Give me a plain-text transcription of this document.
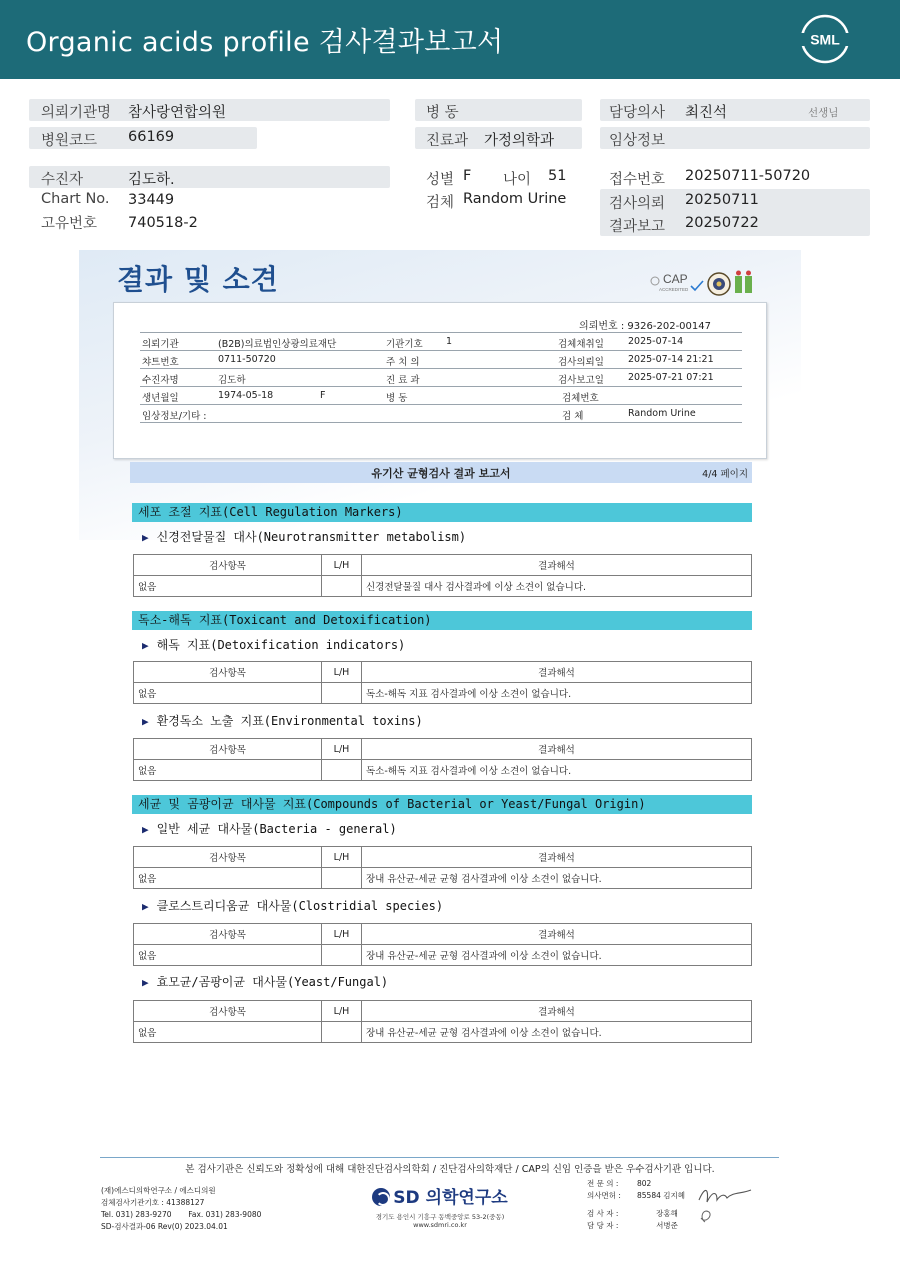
Organic acids profile 검사결과보고서	SML
의뢰기관명 참사랑연합의원	병 동	담당의사 최진석	선생님
병원코드 66169	진료과 가정의학과	임상정보
수진자	김도하.	성별 F 나이 51	접수번호 20250711-50720
Chart No. 33449	검체 Random Urine	검사의뢰 20250711
고유번호 740518-2	결과보고 20250722
결과 및 소견	CAP
ACCREDITED
의뢰번호 : 9326-202-00147
의뢰기관	(B2B)의료법인상광의료재단	기관기호 1	검체채취일	2025-07-14
챠트번호	0711-50720	주 치 의	검사의뢰일	2025-07-14 21:21
수진자명	김도하	진 료 과	검사보고일	2025-07-21 07:21
생년월일	1974-05-18	F	병 동	검체번호
임상정보/기타 :	검 체	Random Urine
유기산 균형검사 결과 보고서	4/4 페이지
세포 조절 지표(Cell Regulation Markers)
▶ 신경전달물질 대사(Neurotransmitter metabolism)
검사항목	L/H	결과해석
없음		신경전달물질 대사 검사결과에 이상 소견이 없습니다.
독소-해독 지표(Toxicant and Detoxification)
▶ 해독 지표(Detoxification indicators)
검사항목	L/H	결과해석
없음		독소-해독 지표 검사결과에 이상 소견이 없습니다.
▶ 환경독소 노출 지표(Environmental toxins)
검사항목	L/H	결과해석
없음		독소-해독 지표 검사결과에 이상 소견이 없습니다.
세균 및 곰팡이균 대사물 지표(Compounds of Bacterial or Yeast/Fungal Origin)
▶ 일반 세균 대사물(Bacteria - general)
검사항목	L/H	결과해석
없음		장내 유산균-세균 균형 검사결과에 이상 소견이 없습니다.
▶ 클로스트리디움균 대사물(Clostridial species)
검사항목	L/H	결과해석
없음		장내 유산균-세균 균형 검사결과에 이상 소견이 없습니다.
▶ 효모균/곰팡이균 대사물(Yeast/Fungal)
검사항목	L/H	결과해석
없음		장내 유산균-세균 균형 검사결과에 이상 소견이 없습니다.
본 검사기관은 신뢰도와 정확성에 대해 대한진단검사의학회 / 진단검사의학재단 / CAP의 신임 인증을 받은 우수검사기관 입니다.
(재)에스디의학연구소 / 에스디의원
검체검사기관기호 : 41388127
Tel. 031) 283-9270 Fax. 031) 283-9080
SD-검사결과-06 Rev(0) 2023.04.01
SD 의학연구소
경기도 용인시 기흥구 동백중앙로 53-2(중동)
www.sdmri.co.kr
전 문 의 : 802
의사면허 : 85584 김지혜
검 사 자 :	장홍해
담 당 자 :	서병준
